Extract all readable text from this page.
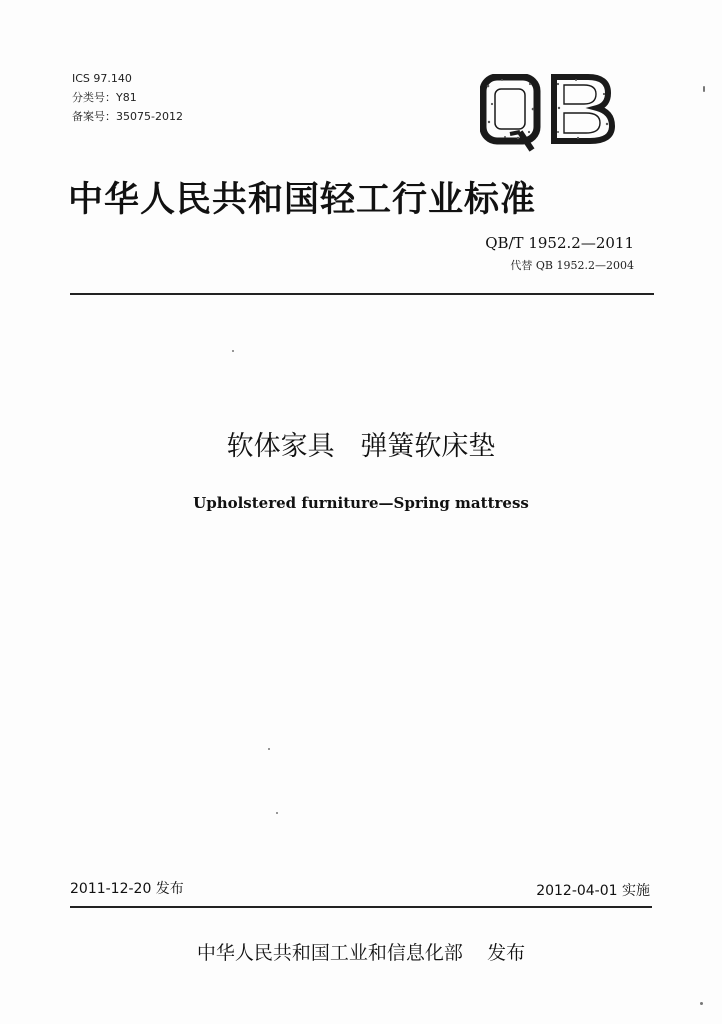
ICS 97.140
分类号：Y81
备案号：35075-2012
中华人民共和国轻工行业标准
QB/T 1952.2—2011
代替 QB 1952.2—2004
软体家具   弹簧软床垫
Upholstered furniture—Spring mattress
2011-12-20 发布	2012-04-01 实施
中华人民共和国工业和信息化部    发布
